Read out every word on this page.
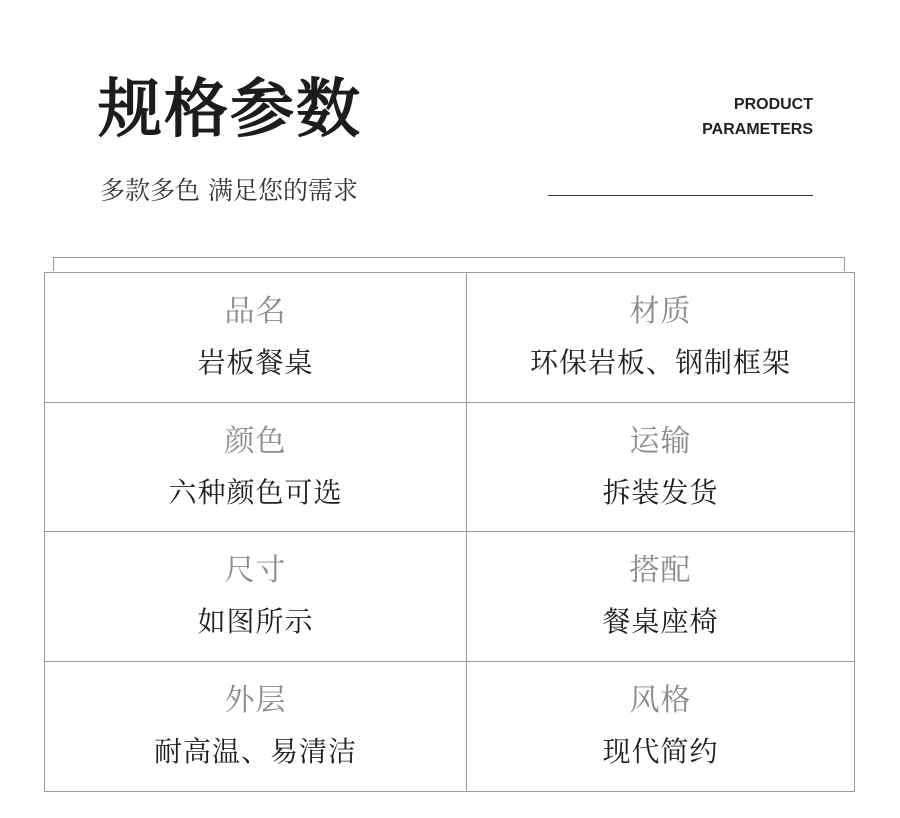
规格参数	PRODUCT
PARAMETERS
多款多色 满足您的需求
品名
岩板餐桌
材质
环保岩板、钢制框架
颜色
六种颜色可选
运输
拆装发货
尺寸
如图所示
搭配
餐桌座椅
外层
耐高温、易清洁
风格
现代简约
